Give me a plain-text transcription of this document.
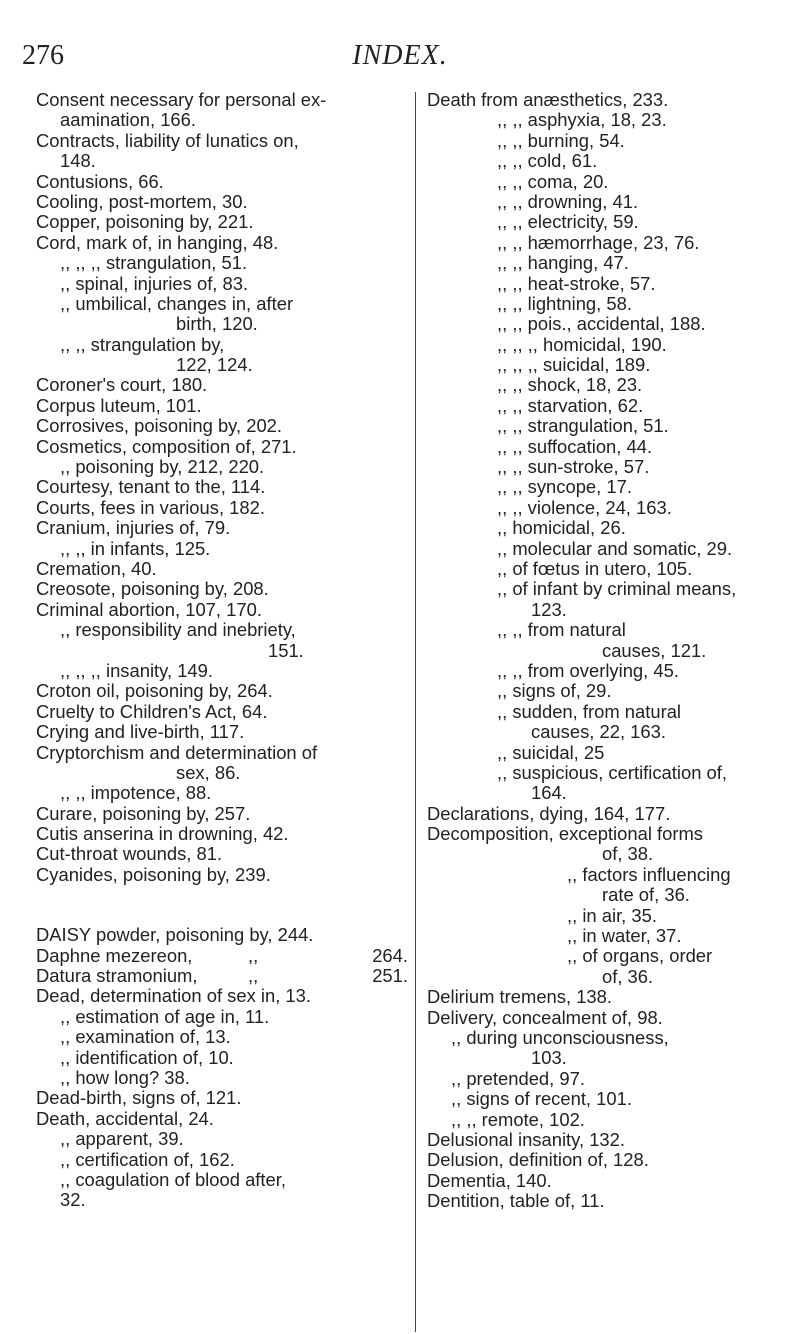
276	INDEX.
Consent necessary for personal ex-
aamination, 166.
Contracts, liability of lunatics on,
148.
Contusions, 66.
Cooling, post-mortem, 30.
Copper, poisoning by, 221.
Cord, mark of, in hanging, 48.
,, ,, ,, strangulation, 51.
,, spinal, injuries of, 83.
,, umbilical, changes in, after
birth, 120.
,, ,, strangulation by,
122, 124.
Coroner's court, 180.
Corpus luteum, 101.
Corrosives, poisoning by, 202.
Cosmetics, composition of, 271.
,, poisoning by, 212, 220.
Courtesy, tenant to the, 114.
Courts, fees in various, 182.
Cranium, injuries of, 79.
,, ,, in infants, 125.
Cremation, 40.
Creosote, poisoning by, 208.
Criminal abortion, 107, 170.
,, responsibility and inebriety,
151.
,, ,, ,, insanity, 149.
Croton oil, poisoning by, 264.
Cruelty to Children's Act, 64.
Crying and live-birth, 117.
Cryptorchism and determination of
sex, 86.
,, ,, impotence, 88.
Curare, poisoning by, 257.
Cutis anserina in drowning, 42.
Cut-throat wounds, 81.
Cyanides, poisoning by, 239.
DAISY powder, poisoning by, 244.
Daphne mezereon,	,,	264.
Datura stramonium,	,,	251.
Dead, determination of sex in, 13.
,, estimation of age in, 11.
,, examination of, 13.
,, identification of, 10.
,, how long? 38.
Dead-birth, signs of, 121.
Death, accidental, 24.
,, apparent, 39.
,, certification of, 162.
,, coagulation of blood after,
32.
Death from anæsthetics, 233.
,, ,, asphyxia, 18, 23.
,, ,, burning, 54.
,, ,, cold, 61.
,, ,, coma, 20.
,, ,, drowning, 41.
,, ,, electricity, 59.
,, ,, hæmorrhage, 23, 76.
,, ,, hanging, 47.
,, ,, heat-stroke, 57.
,, ,, lightning, 58.
,, ,, pois., accidental, 188.
,, ,, ,, homicidal, 190.
,, ,, ,, suicidal, 189.
,, ,, shock, 18, 23.
,, ,, starvation, 62.
,, ,, strangulation, 51.
,, ,, suffocation, 44.
,, ,, sun-stroke, 57.
,, ,, syncope, 17.
,, ,, violence, 24, 163.
,, homicidal, 26.
,, molecular and somatic, 29.
,, of fœtus in utero, 105.
,, of infant by criminal means,
123.
,, ,, from natural
causes, 121.
,, ,, from overlying, 45.
,, signs of, 29.
,, sudden, from natural
causes, 22, 163.
,, suicidal, 25
,, suspicious, certification of,
164.
Declarations, dying, 164, 177.
Decomposition, exceptional forms
of, 38.
,, factors influencing
rate of, 36.
,, in air, 35.
,, in water, 37.
,, of organs, order
of, 36.
Delirium tremens, 138.
Delivery, concealment of, 98.
,, during unconsciousness,
103.
,, pretended, 97.
,, signs of recent, 101.
,, ,, remote, 102.
Delusional insanity, 132.
Delusion, definition of, 128.
Dementia, 140.
Dentition, table of, 11.
